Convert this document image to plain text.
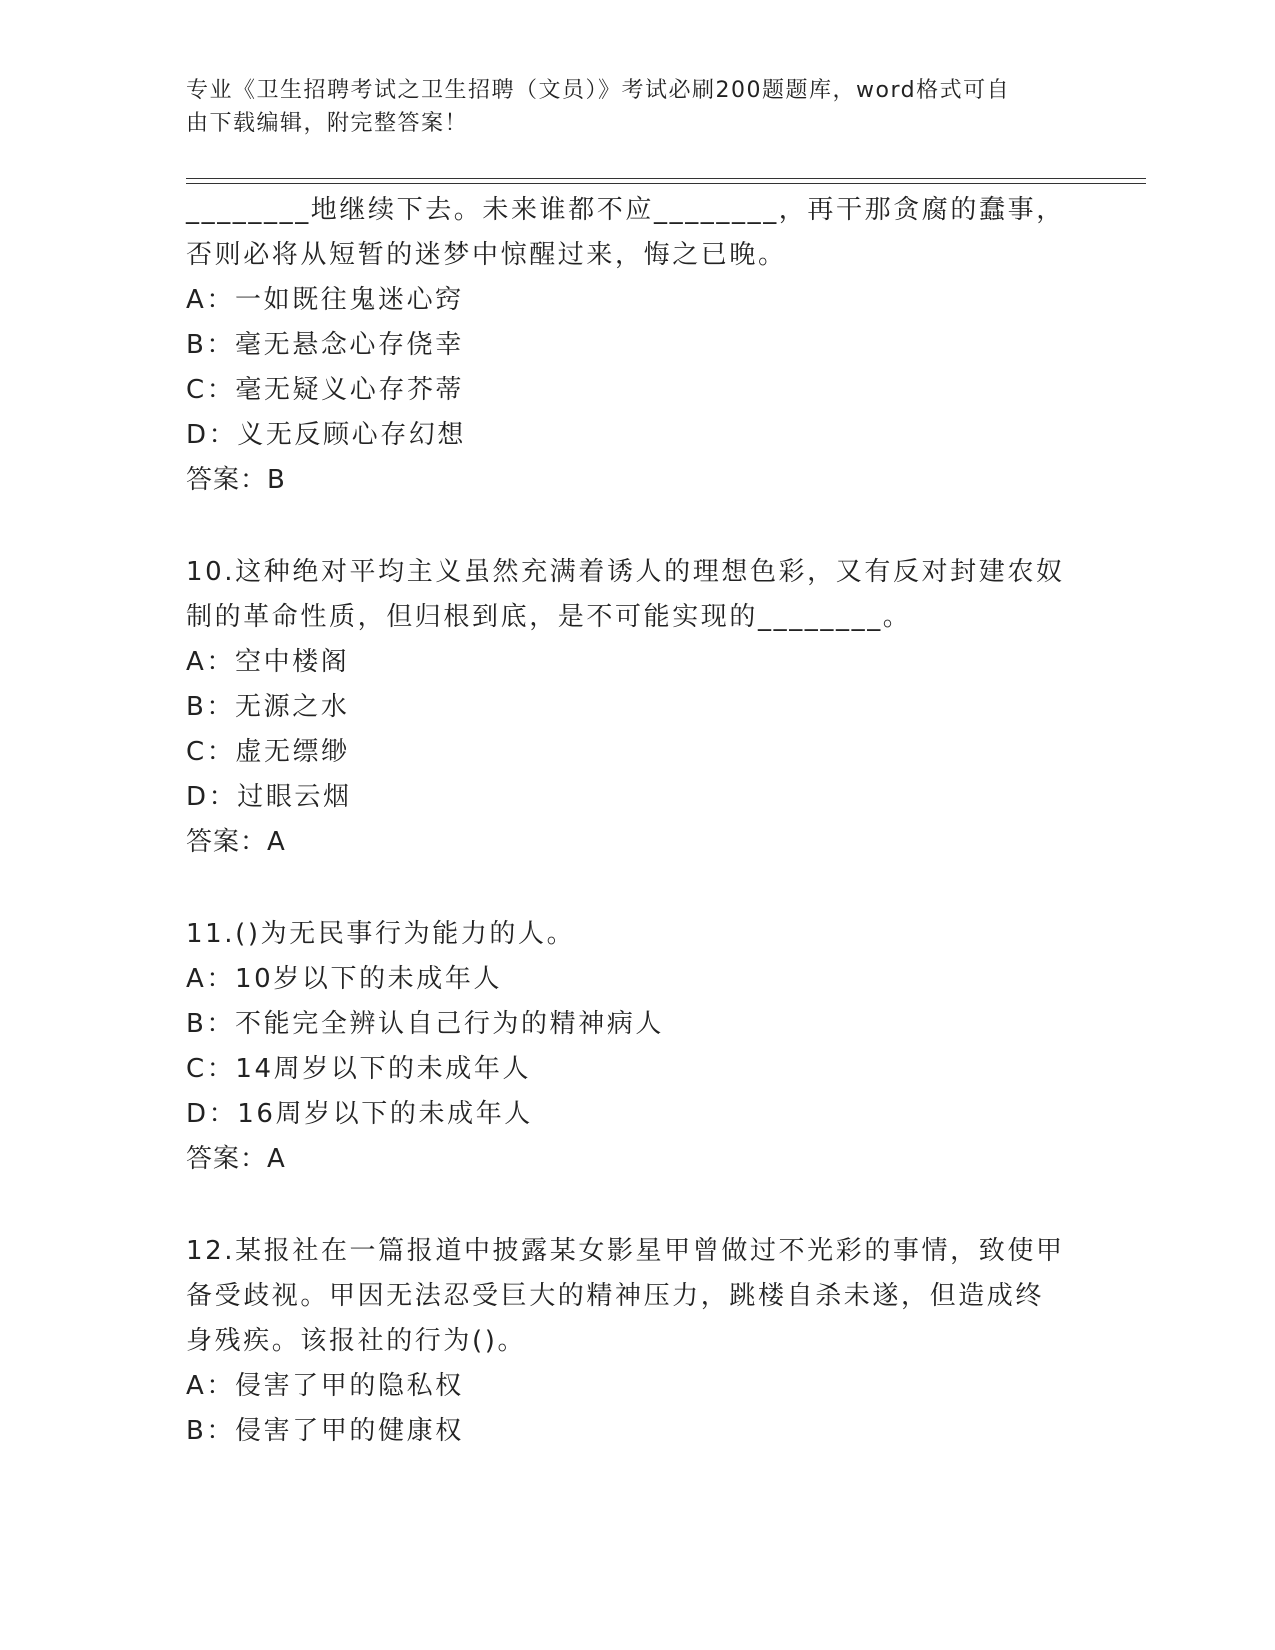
专业《卫生招聘考试之卫生招聘（文员）》考试必刷200题题库，word格式可自
由下载编辑，附完整答案！
________地继续下去。未来谁都不应________，再干那贪腐的蠢事，
否则必将从短暂的迷梦中惊醒过来，悔之已晚。
A：一如既往鬼迷心窍
B：毫无悬念心存侥幸
C：毫无疑义心存芥蒂
D：义无反顾心存幻想
答案：B
10.这种绝对平均主义虽然充满着诱人的理想色彩，又有反对封建农奴
制的革命性质，但归根到底，是不可能实现的________。
A：空中楼阁
B：无源之水
C：虚无缥缈
D：过眼云烟
答案：A
11.()为无民事行为能力的人。
A：10岁以下的未成年人
B：不能完全辨认自己行为的精神病人
C：14周岁以下的未成年人
D：16周岁以下的未成年人
答案：A
12.某报社在一篇报道中披露某女影星甲曾做过不光彩的事情，致使甲
备受歧视。甲因无法忍受巨大的精神压力，跳楼自杀未遂，但造成终
身残疾。该报社的行为()。
A：侵害了甲的隐私权
B：侵害了甲的健康权
